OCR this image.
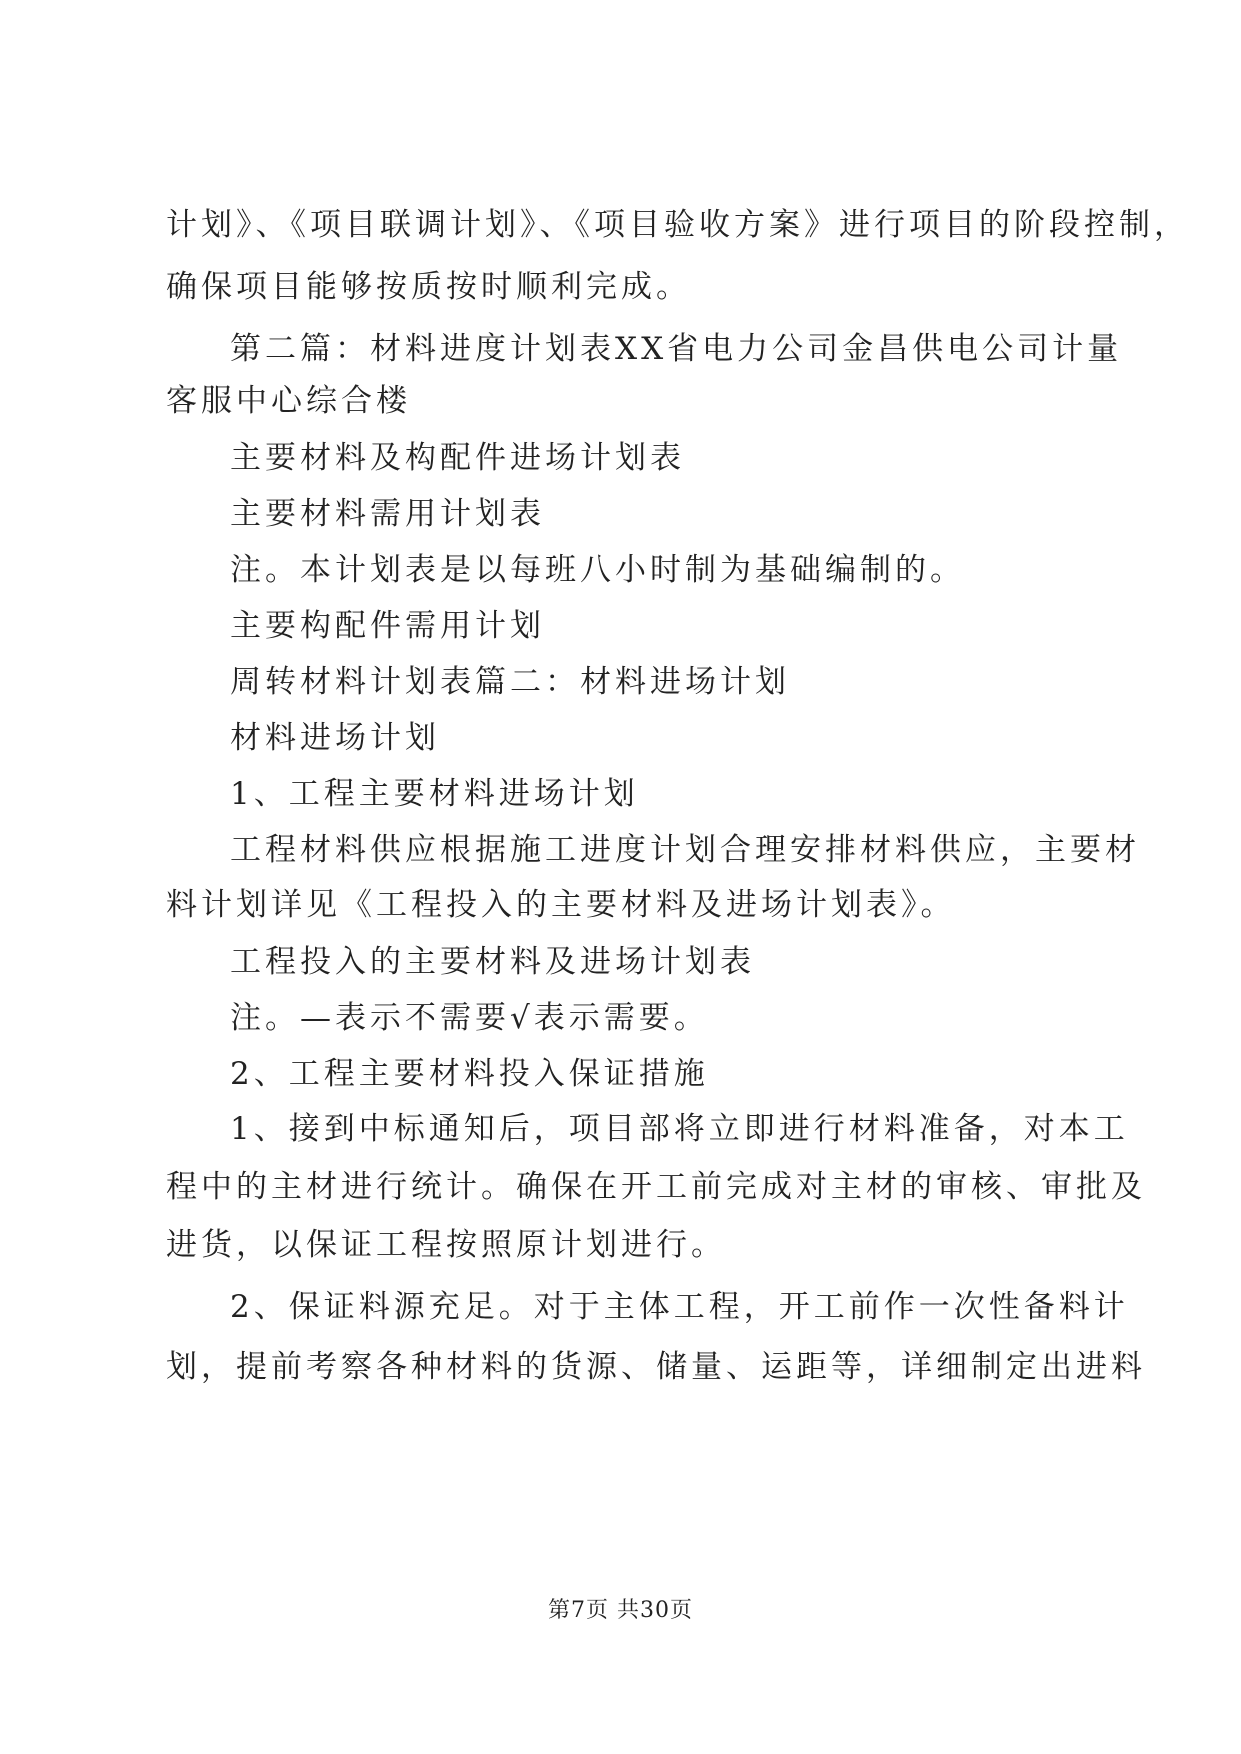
计划》、《项目联调计划》、《项目验收方案》进行项目的阶段控制，
确保项目能够按质按时顺利完成。
第二篇：材料进度计划表XX省电力公司金昌供电公司计量
客服中心综合楼
主要材料及构配件进场计划表
主要材料需用计划表
注。本计划表是以每班八小时制为基础编制的。
主要构配件需用计划
周转材料计划表篇二：材料进场计划
材料进场计划
1、工程主要材料进场计划
工程材料供应根据施工进度计划合理安排材料供应，主要材
料计划详见《工程投入的主要材料及进场计划表》。
工程投入的主要材料及进场计划表
注。—表示不需要√表示需要。
2、工程主要材料投入保证措施
1、接到中标通知后，项目部将立即进行材料准备，对本工
程中的主材进行统计。确保在开工前完成对主材的审核、审批及
进货，以保证工程按照原计划进行。
2、保证料源充足。对于主体工程，开工前作一次性备料计
划，提前考察各种材料的货源、储量、运距等，详细制定出进料
第7页 共30页
